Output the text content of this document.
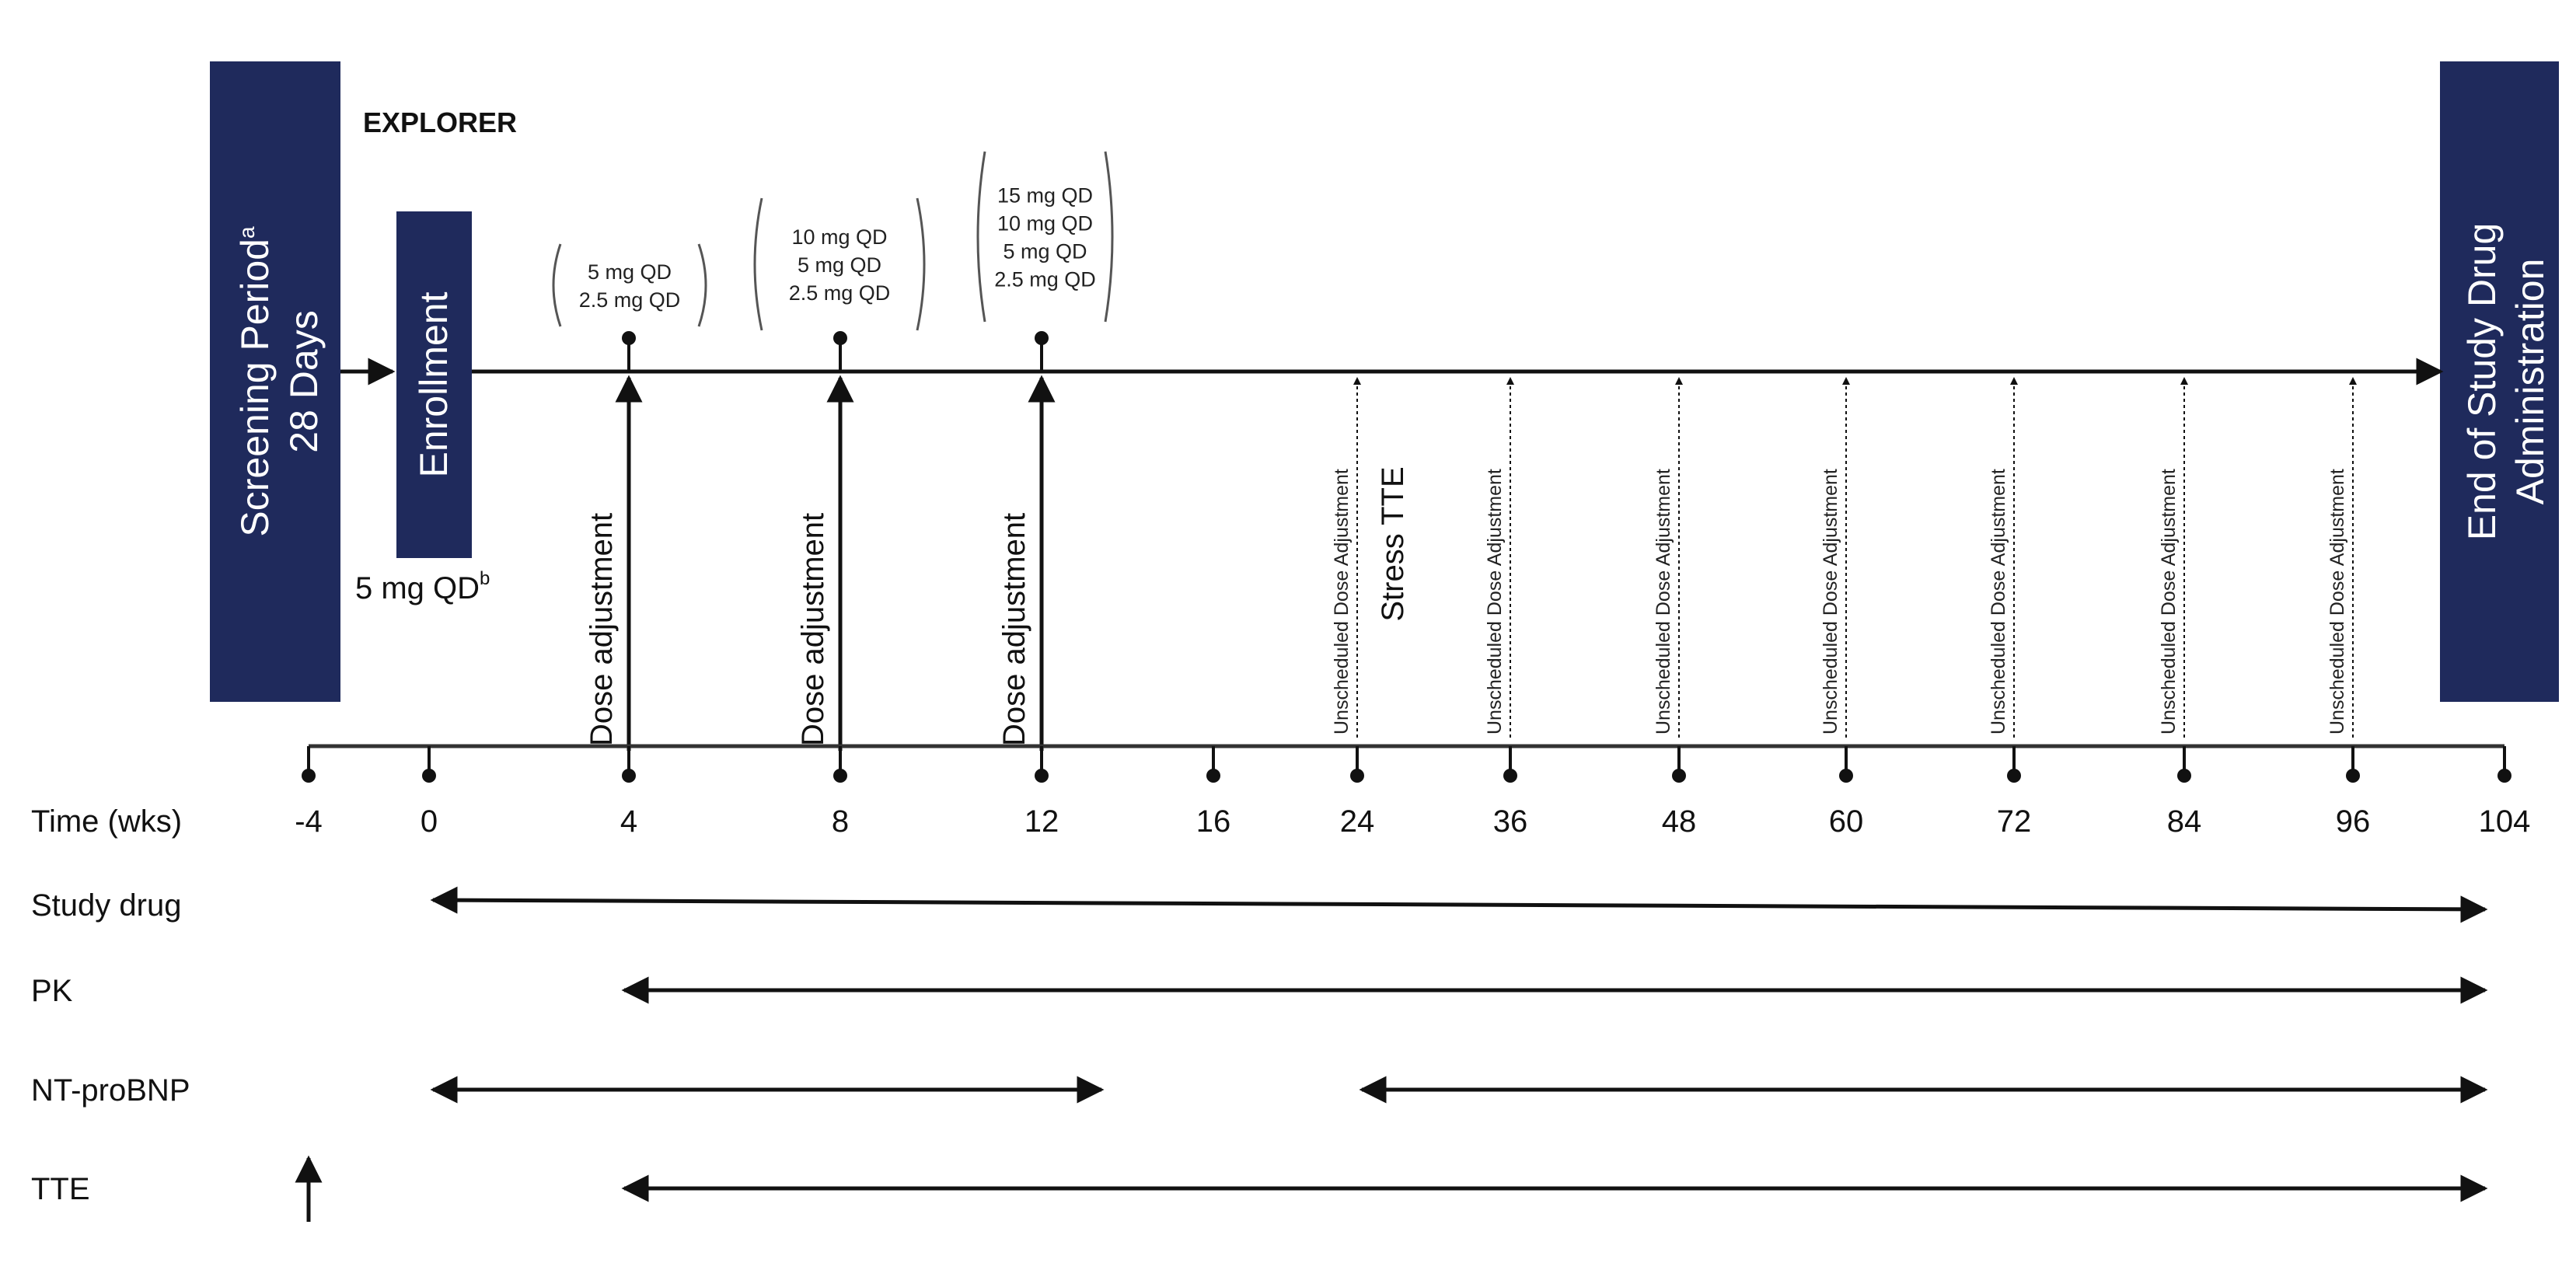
Screening Period$^a$
28 Days
EXPLORER
Enrollment	End of Study Drug Administration
5 mg $QD^b$	Dose adjustment
5 mg QD
2.5 mg QD
Dose adjustment
10 mg QD
5 mg QD
2.5 mg QD
Dose adjustment
15 mg QD
10 mg QD
5 mg QD
2.5 mg QD
Unscheduled Dose Adjustment	Unscheduled Dose Adjustment	Unscheduled Dose Adjustment	Unscheduled Dose Adjustment	Unscheduled Dose Adjustment	Unscheduled Dose Adjustment	Unscheduled Dose Adjustment
Stress TTE
Time (wks)	-4	0	4	8	12	16	24	36	48	60	72	84	96	104
Study drug
PK
NT-proBNP
TTE
